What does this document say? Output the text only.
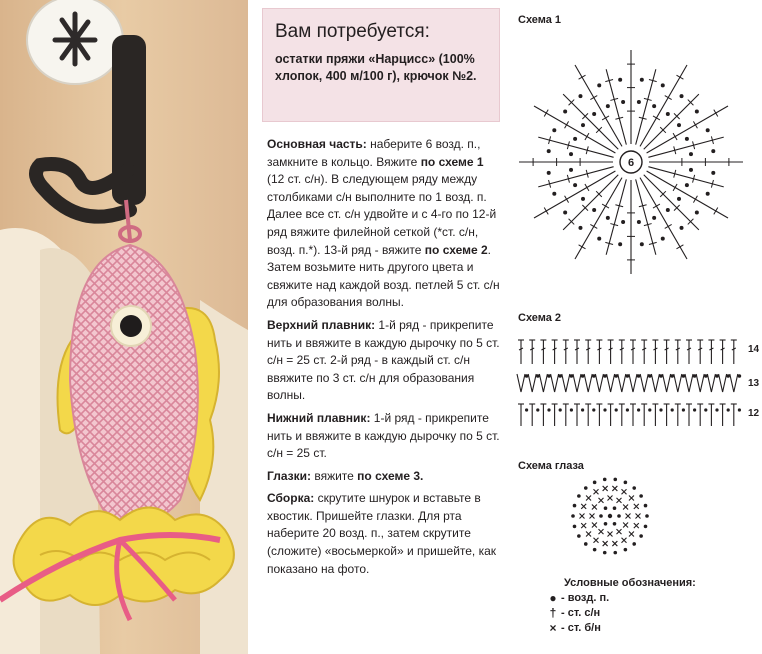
Вам потребуется:
остатки пряжи «Нарцисс» (100% хлопок, 400 м/100 г), крючок №2.

Основная часть: наберите 6 возд. п., замкните в кольцо. Вяжите по схеме 1 (12 ст. с/н). В следующем ряду между столбиками с/н выполните по 1 возд. п. Далее все ст. с/н удвойте и с 4-го по 12-й ряд вяжите филейной сеткой (*ст. с/н, возд. п.*). 13-й ряд - вяжите по схеме 2. Затем возьмите нить другого цвета и свяжите над каждой возд. петлей 5 ст. с/н для образования волны.

Верхний плавник: 1-й ряд - прикрепите нить и ввяжите в каждую дырочку по 5 ст. с/н = 25 ст. 2-й ряд - в каждый ст. с/н ввяжите по 3 ст. с/н для образования волны.

Нижний плавник: 1-й ряд - прикрепите нить и ввяжите в каждую дырочку по 5 ст. с/н = 25 ст.

Глазки: вяжите по схеме 3.

Сборка: скрутите шнурок и вставьте в хвостик. Пришейте глазки. Для рта наберите 20 возд. п., затем скрутите (сложите) «восьмеркой» и пришейте, как показано на фото.

Схема 1
6
Схема 2
14
13
12
Схема глаза
Условные обозначения:
● - возд. п.
† - ст. с/н
× - ст. б/н
